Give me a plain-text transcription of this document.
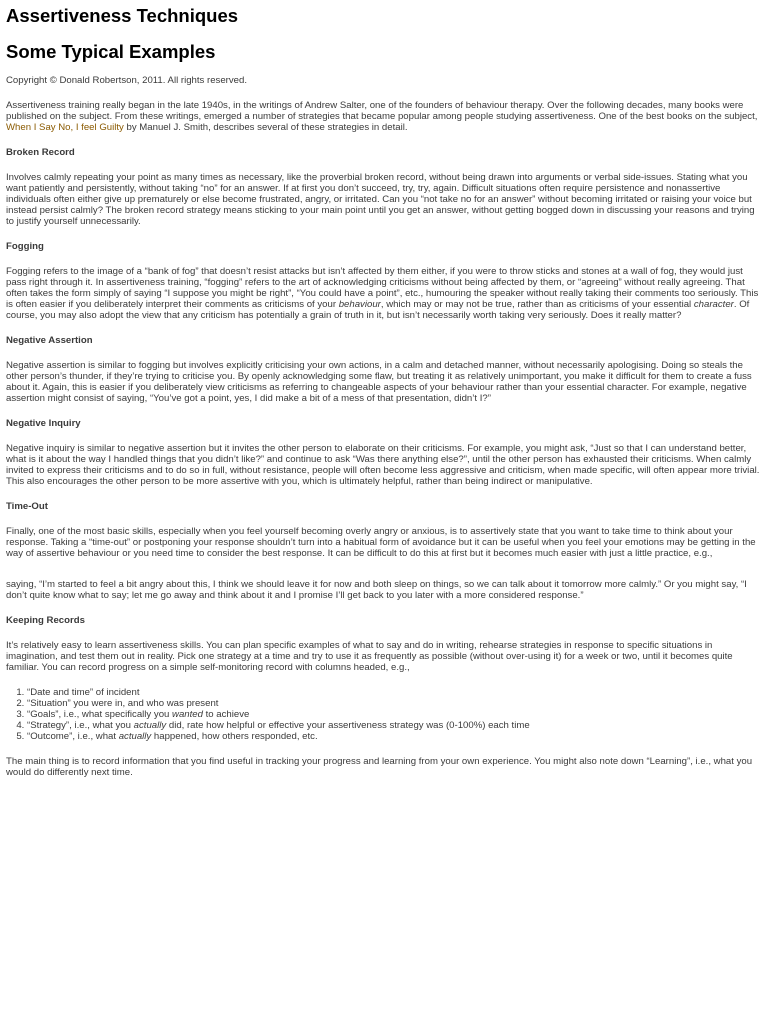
Assertiveness Techniques
Some Typical Examples

Copyright © Donald Robertson, 2011. All rights reserved.

Assertiveness training really began in the late 1940s, in the writings of Andrew Salter, one of the founders of behaviour therapy. Over the following decades, many books were published on the subject. From these writings, emerged a number of strategies that became popular among people studying assertiveness. One of the best books on the subject, When I Say No, I feel Guilty by Manuel J. Smith, describes several of these strategies in detail.

Broken Record

Involves calmly repeating your point as many times as necessary, like the proverbial broken record, without being drawn into arguments or verbal side-issues. Stating what you want patiently and persistently, without taking “no” for an answer. If at first you don’t succeed, try, try, again. Difficult situations often require persistence and nonassertive individuals often either give up prematurely or else become frustrated, angry, or irritated. Can you “not take no for an answer” without becoming irritated or raising your voice but instead persist calmly? The broken record strategy means sticking to your main point until you get an answer, without getting bogged down in discussing your reasons and trying to justify yourself unnecessarily.

Fogging

Fogging refers to the image of a “bank of fog” that doesn’t resist attacks but isn’t affected by them either, if you were to throw sticks and stones at a wall of fog, they would just pass right through it. In assertiveness training, “fogging” refers to the art of acknowledging criticisms without being affected by them, or “agreeing” without really agreeing. That often takes the form simply of saying “I suppose you might be right”, “You could have a point”, etc., humouring the speaker without really taking their comments too seriously. This is often easier if you deliberately interpret their comments as criticisms of your behaviour, which may or may not be true, rather than as criticisms of your essential character. Of course, you may also adopt the view that any criticism has potentially a grain of truth in it, but isn’t necessarily worth taking very seriously. Does it really matter?

Negative Assertion

Negative assertion is similar to fogging but involves explicitly criticising your own actions, in a calm and detached manner, without necessarily apologising. Doing so steals the other person’s thunder, if they’re trying to criticise you. By openly acknowledging some flaw, but treating it as relatively unimportant, you make it difficult for them to create a fuss about it. Again, this is easier if you deliberately view criticisms as referring to changeable aspects of your behaviour rather than your essential character. For example, negative assertion might consist of saying, “You’ve got a point, yes, I did make a bit of a mess of that presentation, didn’t I?”

Negative Inquiry

Negative inquiry is similar to negative assertion but it invites the other person to elaborate on their criticisms. For example, you might ask, “Just so that I can understand better, what is it about the way I handled things that you didn’t like?” and continue to ask “Was there anything else?”, until the other person has exhausted their criticisms. When calmly invited to express their criticisms and to do so in full, without resistance, people will often become less aggressive and criticism, when made specific, will often appear more trivial. This also encourages the other person to be more assertive with you, which is ultimately helpful, rather than being indirect or manipulative.

Time-Out

Finally, one of the most basic skills, especially when you feel yourself becoming overly angry or anxious, is to assertively state that you want to take time to think about your response. Taking a “time-out” or postponing your response shouldn’t turn into a habitual form of avoidance but it can be useful when you feel your emotions may be getting in the way of assertive behaviour or you need time to consider the best response. It can be difficult to do this at first but it becomes much easier with just a little practice, e.g.,

saying, “I’m started to feel a bit angry about this, I think we should leave it for now and both sleep on things, so we can talk about it tomorrow more calmly.” Or you might say, “I don’t quite know what to say; let me go away and think about it and I promise I’ll get back to you later with a more considered response.”

Keeping Records

It’s relatively easy to learn assertiveness skills. You can plan specific examples of what to say and do in writing, rehearse strategies in response to specific situations in imagination, and test them out in reality. Pick one strategy at a time and try to use it as frequently as possible (without over-using it) for a week or two, until it becomes quite familiar. You can record progress on a simple self-monitoring record with columns headed, e.g.,

1. “Date and time” of incident
2. “Situation” you were in, and who was present
3. “Goals”, i.e., what specifically you wanted to achieve
4. “Strategy”, i.e., what you actually did, rate how helpful or effective your assertiveness strategy was (0-100%) each time
5. “Outcome”, i.e., what actually happened, how others responded, etc.

The main thing is to record information that you find useful in tracking your progress and learning from your own experience. You might also note down “Learning”, i.e., what you would do differently next time.
